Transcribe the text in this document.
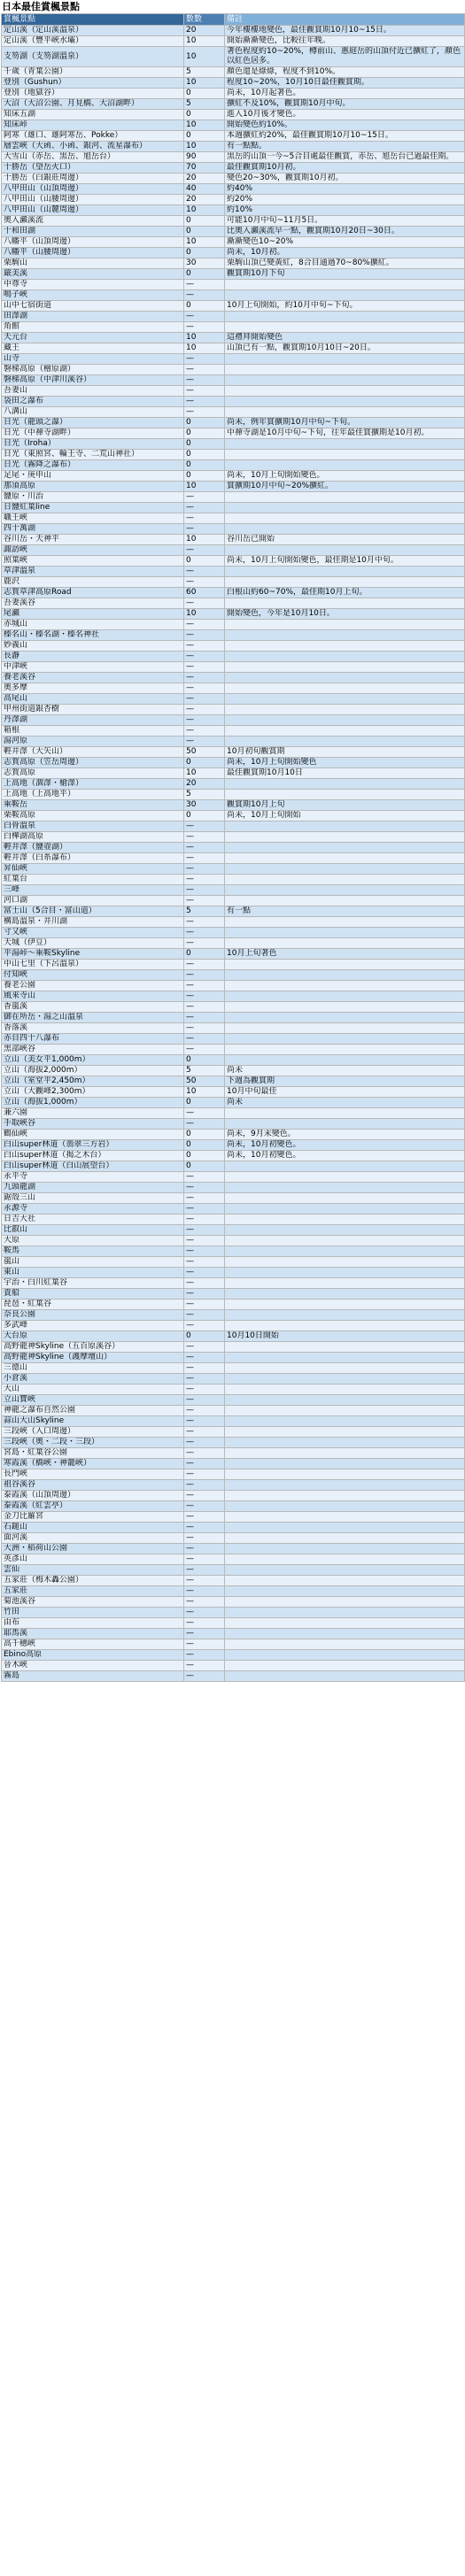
日本最佳賞楓景點
賞楓景點	數數	備註
定山溪（定山溪溫泉）	20	今年樓樓地變色，最佳觀賞期10月10~15日。
定山溪（豐平峽水壩）	10	開始漸漸變色，比較往年晚。
支笏湖（支笏湖溫泉）	10	著色程度約10~20%，樽前山、惠庭岳的山頂付近已擴紅了，顏色以紅色居多。
千歲（青葉公園）	5	顏色還是綠綠，程度不到10%。
登別（Gushun）	10	程度10~20%，10月10日最佳觀賞期。
登別（地獄谷）	0	尚未，10月起著色。
大沼（大沼公園、月見橋、大沼湖畔）	5	擴紅不及10%，觀賞期10月中旬。
知床五湖	0	進入10月後才變色。
知床峠	10	開始變色約10%。
阿寒（雄口、雄阿寒岳、Pokke）	0	本週擴紅約20%，最佳觀賞期10月10~15日。
層雲峽（大函、小函、銀河、流星瀑布）	10	有一點點。
大雪山（赤岳、黒岳、旭岳台）	90	黒岳的山頂一今~5合目處最佳觀賞，赤岳、旭岳台已過最佳期。
十勝岳（望岳火口）	70	最佳觀賞期10月初。
十勝岳（白銀莊周邊）	20	變色20~30%，觀賞期10月初。
八甲田山（山頂周邊）	40	約40%
八甲田山（山腰周邊）	20	約20%
八甲田山（山麓周邊）	10	約10%
奧入瀨溪流	0	可能10月中旬~11月5日。
十和田湖	0	比奧入瀨溪流早一點，觀賞期10月20日~30日。
八幡平（山頂周邊）	10	漸漸變色10~20%
八幡平（山腰周邊）	0	尚未，10月初。
栗駒山	30	栗駒山頂已變黃紅，8合目通過70~80%擴紅。
嚴美溪	0	觀賞期10月下旬
中尊寺	—	
鳴子峽	—	
山中七宿街道	0	10月上旬開始，約10月中旬~下旬。
田澤湖	—	
角館	—	
天元台	10	這禮拜開始變色
藏王	10	山頂已有一點，觀賞期10月10日~20日。
山寺	—	
磐梯高原（檜原湖）	—	
磐梯高原（中津川溪谷）	—	
吾妻山	—	
袋田之瀑布	—	
八溝山	—	
日光（龍頭之瀑）	0	尚未，例年賞擴期10月中旬~下旬。
日光（中禪寺湖畔）	0	中禪寺湖是10月中旬~下旬，往年最佳賞擴期是10月初。
日光（Iroha）	0	
日光（東照宮、輪王寺、二荒山神社）	0	
日光（霧降之瀑布）	0	
足尾・庚申山	0	尚未，10月上旬開始變色。
那須高原	10	賞擴期10月中旬~20%擴紅。
鹽原・川治	—	
日鹽紅葉line	—	
職王峽	—	
四十萬湖	—	
谷川岳・天神平	10	谷川岳已開始
諏訪峽	—	
照葉峽	0	尚未，10月上旬開始變色，最佳期是10月中旬。
草津溫泉	—	
鹿沢	—	
志賀草津高原Road	60	白根山約60~70%，最佳期10月上旬。
吾妻溪谷	—	
尾瀨	10	開始變色，今年是10月10日。
赤城山	—	
榛名山・榛名湖・榛名神社	—	
妙義山	—	
長瀞	—	
中津峽	—	
養老溪谷	—	
奧多摩	—	
高尾山	—	
甲州街道銀杏樹	—	
丹澤湖	—	
箱根	—	
湯河原	—	
輕井澤（大矢山）	50	10月初旬觀賞期
志賀高原（笠岳周邊）	0	尚未，10月上旬開始變色
志賀高原	10	最佳觀賞期10月10日
上高地（涸澤・槍澤）	20	
上高地（上高地平）	5	
乘鞍岳	30	觀賞期10月上旬
栗鞍高原	0	尚未，10月上旬開始
白骨溫泉	—	
白樺湖高原	—	
輕井澤（鹽壺湖）	—	
輕井澤（白糸瀑布）	—	
昇仙峽	—	
紅葉台	—	
三峰	—	
河口湖	—	
富士山（5合目・富山道）	5	有一點
構島溫泉・井川湖	—	
寸又峽	—	
天城（伊豆）	—	
平湯峠～乘鞍Skyline	0	10月上旬著色
中山七里（下呂溫泉）	—	
付知峽	—	
養老公園	—	
風來寺山	—	
香嵐溪	—	
御在所岳・湯之山溫泉	—	
香落溪	—	
赤目四十八瀑布	—	
黑部峽谷	—	
立山（美女平1,000m）	0	
立山（海拔2,000m）	5	尚未
立山（室堂平2,450m）	50	下週為觀賞期
立山（大觀峰2,300m）	10	10月中旬最佳
立山（海拔1,000m）	0	尚未
兼六園	—	
手取峽谷	—	
鶴仙峽	0	尚未，9月末變色。
白山super林道（翡翠三方岩）	0	尚未，10月初變色。
白山super林道（揭之木台）	0	尚未，10月初變色。
白山super林道（白山展望台）	0	
永平寺	—	
九頭龍湖	—	
鋸殼三山	—	
永源寺	—	
日吉大社	—	
比叡山	—	
大原	—	
鞍馬	—	
嵐山	—	
東山	—	
宇治・白川紅葉谷	—	
貴船	—	
琵琶・紅葉谷	—	
奈良公園	—	
多武峰	—	
大台原	0	10月10日開始
高野龍神Skyline（五百原溪谷）	—	
高野龍神Skyline（護摩壇山）	—	
三德山	—	
小倉溪	—	
大山	—	
立山寶峽	—	
神龍之瀑布自然公園	—	
蒜山大山Skyline	—	
三段峽（入口周邊）	—	
三段峽（奧・二段・三段）	—	
宮島・紅葉谷公園	—	
寒霞溪（橋峽・神籠峽）	—	
長門峽	—	
祖谷溪谷	—	
泰霞溪（山頂周邊）	—	
泰霞溪（紅雲亭）	—	
金刀比羅宮	—	
石鎚山	—	
面河溪	—	
大洲・稻荷山公園	—	
英彥山	—	
雲仙	—	
五家莊（梅木轟公園）	—	
五家莊	—	
菊池溪谷	—	
竹田	—	
由布	—	
耶馬溪	—	
高千穗峽	—	
Ebino高原	—	
晉木峽	—	
霧島	—	
